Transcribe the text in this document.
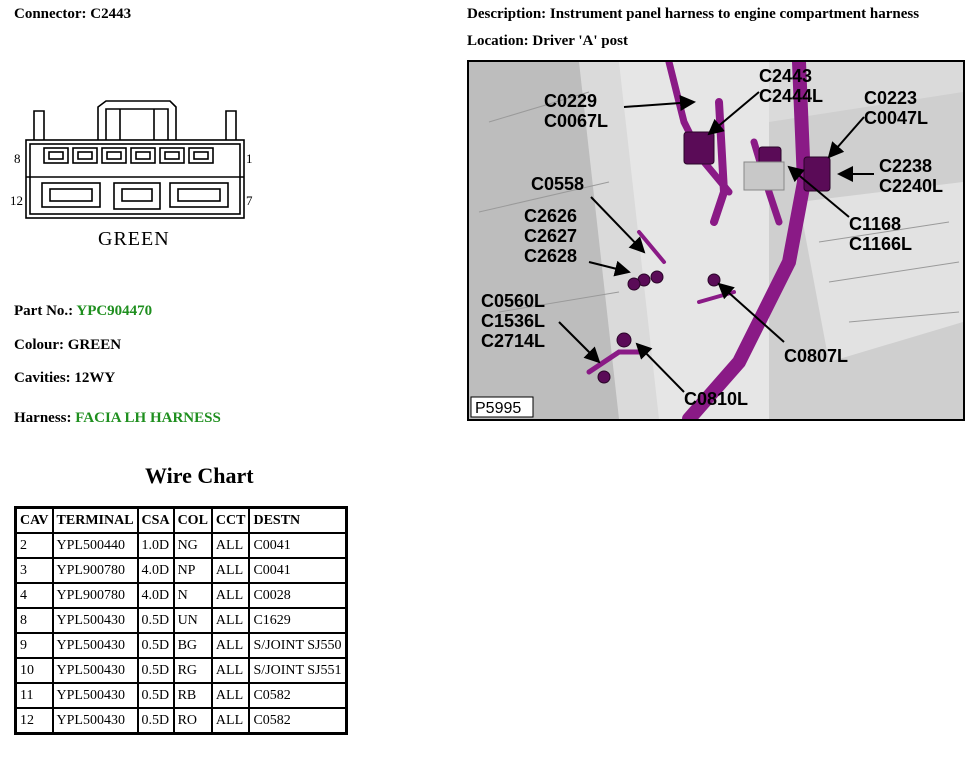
Connector: C2443	Description: Instrument panel harness to engine compartment harness
Location: Driver 'A' post
8	1
12	7
GREEN
Part No.: YPC904470
Colour: GREEN
Cavities: 12WY
Harness: FACIA LH HARNESS
Wire Chart
CAV	TERMINAL	CSA	COL	CCT	DESTN
2	YPL500440	1.0D	NG	ALL	C0041
3	YPL900780	4.0D	NP	ALL	C0041
4	YPL900780	4.0D	N	ALL	C0028
8	YPL500430	0.5D	UN	ALL	C1629
9	YPL500430	0.5D	BG	ALL	S/JOINT SJ550
10	YPL500430	0.5D	RG	ALL	S/JOINT SJ551
11	YPL500430	0.5D	RB	ALL	C0582
12	YPL500430	0.5D	RO	ALL	C0582
C2443
C2444L
C0229
C0067L
C0223
C0047L
C2238
C2240L
C0558
C2626
C2627
C2628
C1168
C1166L
C0560L
C1536L
C2714L
C0807L
C0810L
P5995
